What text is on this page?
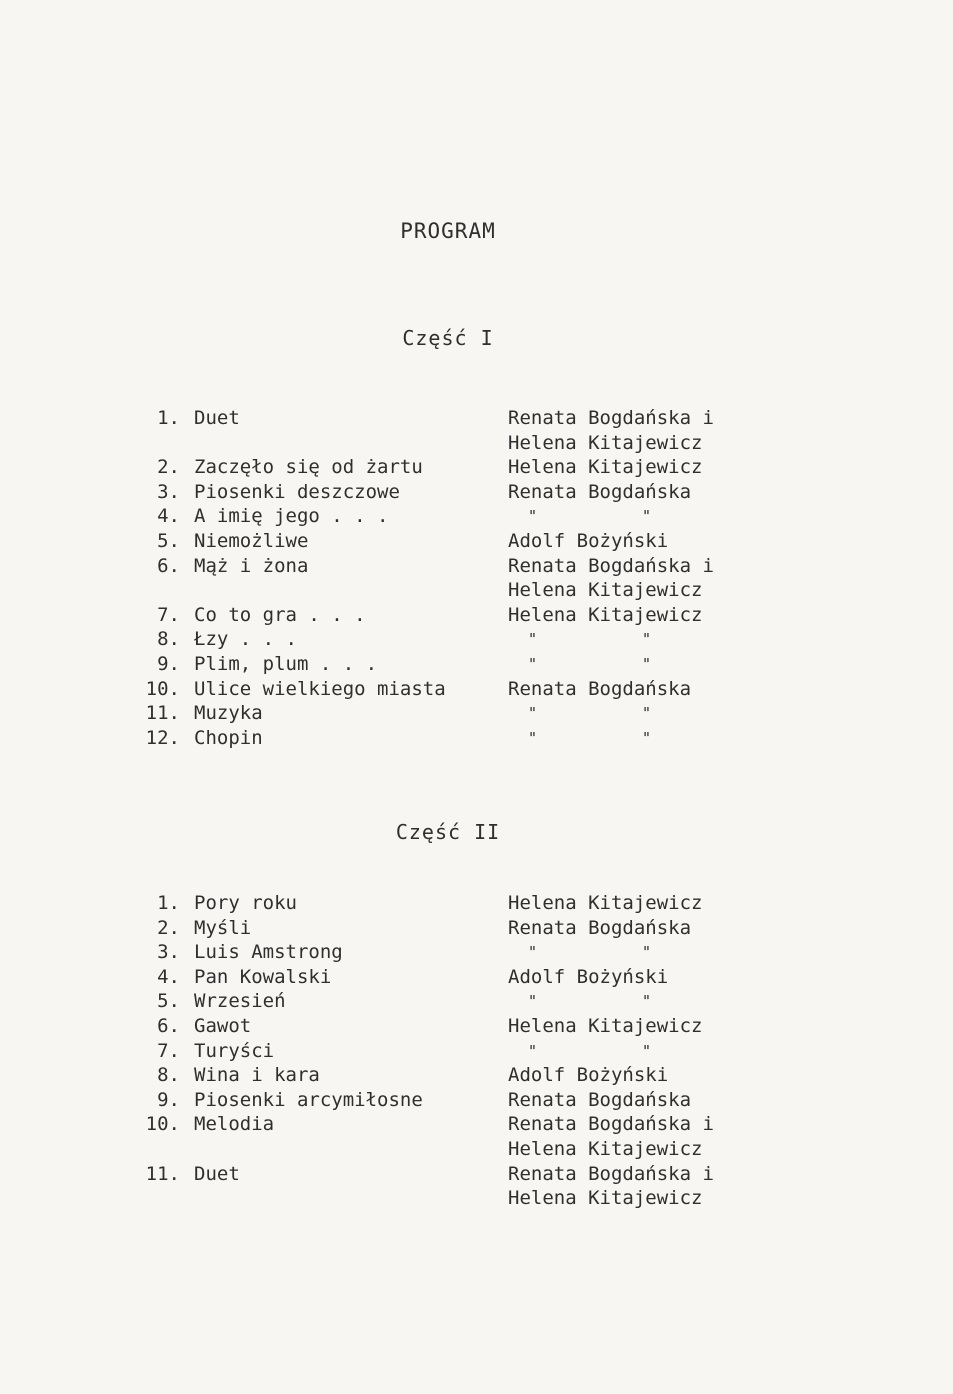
PROGRAM
Część I
1. Duet	Renata Bogdańska i
Helena Kitajewicz
2. Zaczęło się od żartu	Helena Kitajewicz
3. Piosenki deszczowe	Renata Bogdańska
4. A imię jego . . .	"	"
5. Niemożliwe	Adolf Bożyński
6. Mąż i żona	Renata Bogdańska i
Helena Kitajewicz
7. Co to gra . . .	Helena Kitajewicz
8. Łzy . . .	"	"
9. Plim, plum . . .	"	"
10. Ulice wielkiego miasta	Renata Bogdańska
11. Muzyka	"	"
12. Chopin	"	"
Część II
1. Pory roku	Helena Kitajewicz
2. Myśli	Renata Bogdańska
3. Luis Amstrong	"	"
4. Pan Kowalski	Adolf Bożyński
5. Wrzesień	"	"
6. Gawot	Helena Kitajewicz
7. Turyści	"	"
8. Wina i kara	Adolf Bożyński
9. Piosenki arcymiłosne	Renata Bogdańska
10. Melodia	Renata Bogdańska i
Helena Kitajewicz
11. Duet	Renata Bogdańska i
Helena Kitajewicz
